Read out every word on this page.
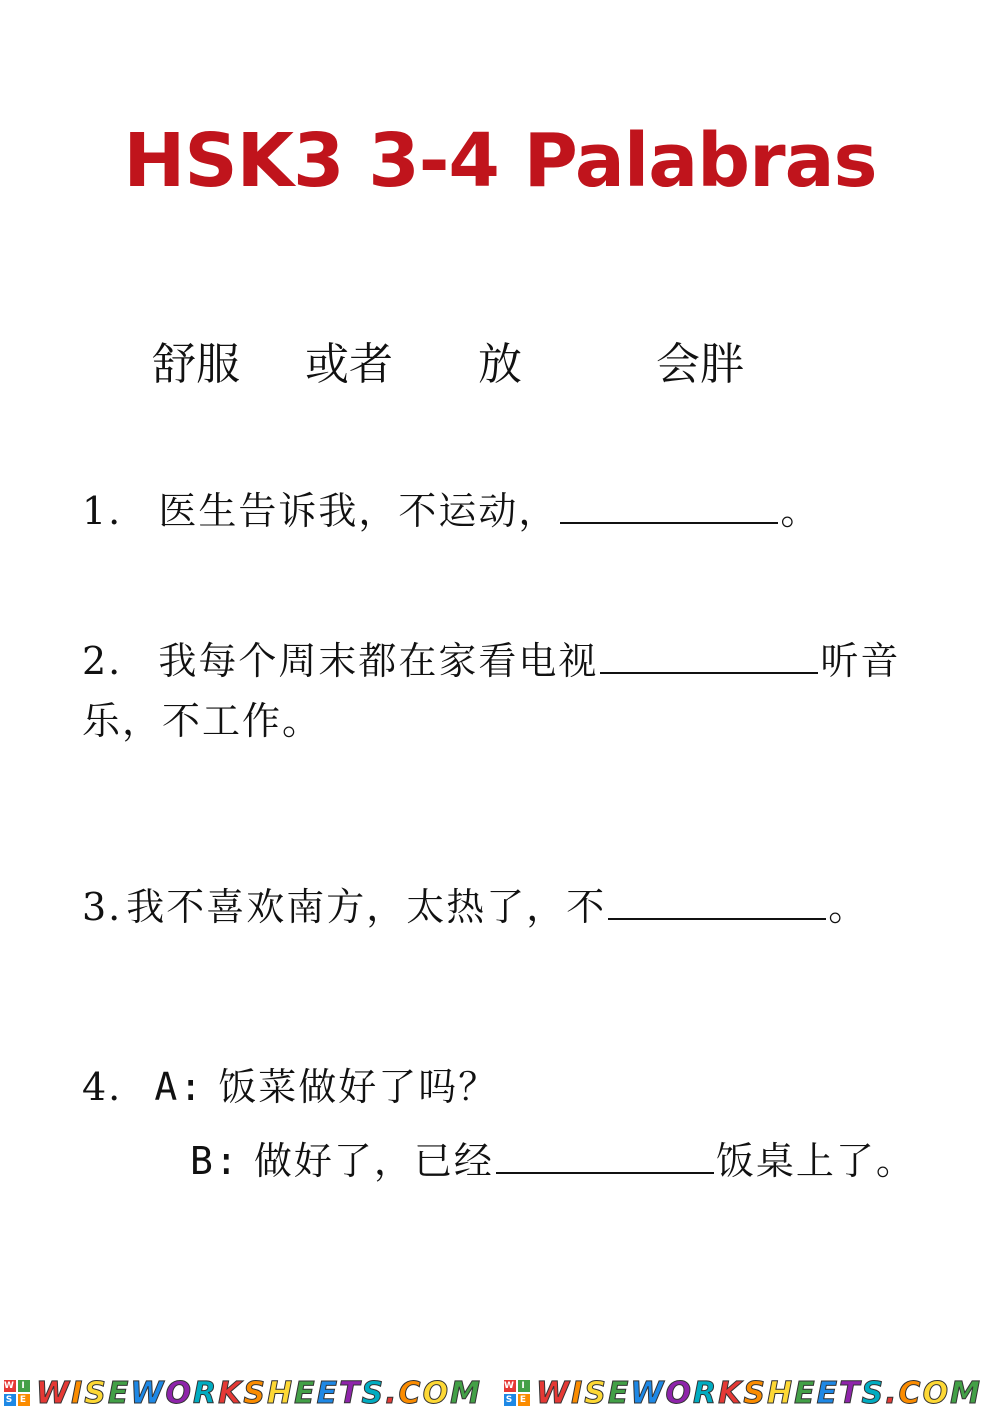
HSK3 3-4 Palabras
舒服 或者 放	会胖
1. 医生告诉我，不运动，	。
2. 我每个周末都在家看电视	听音
乐，不工作。
3. 我不喜欢南方，太热了，不	。
4. A: 饭菜做好了吗？
B: 做好了，已经	饭桌上了。
W I
S E WISEWORKSHEETS.COM W I
S E WISEWORKSHEETS.COM
